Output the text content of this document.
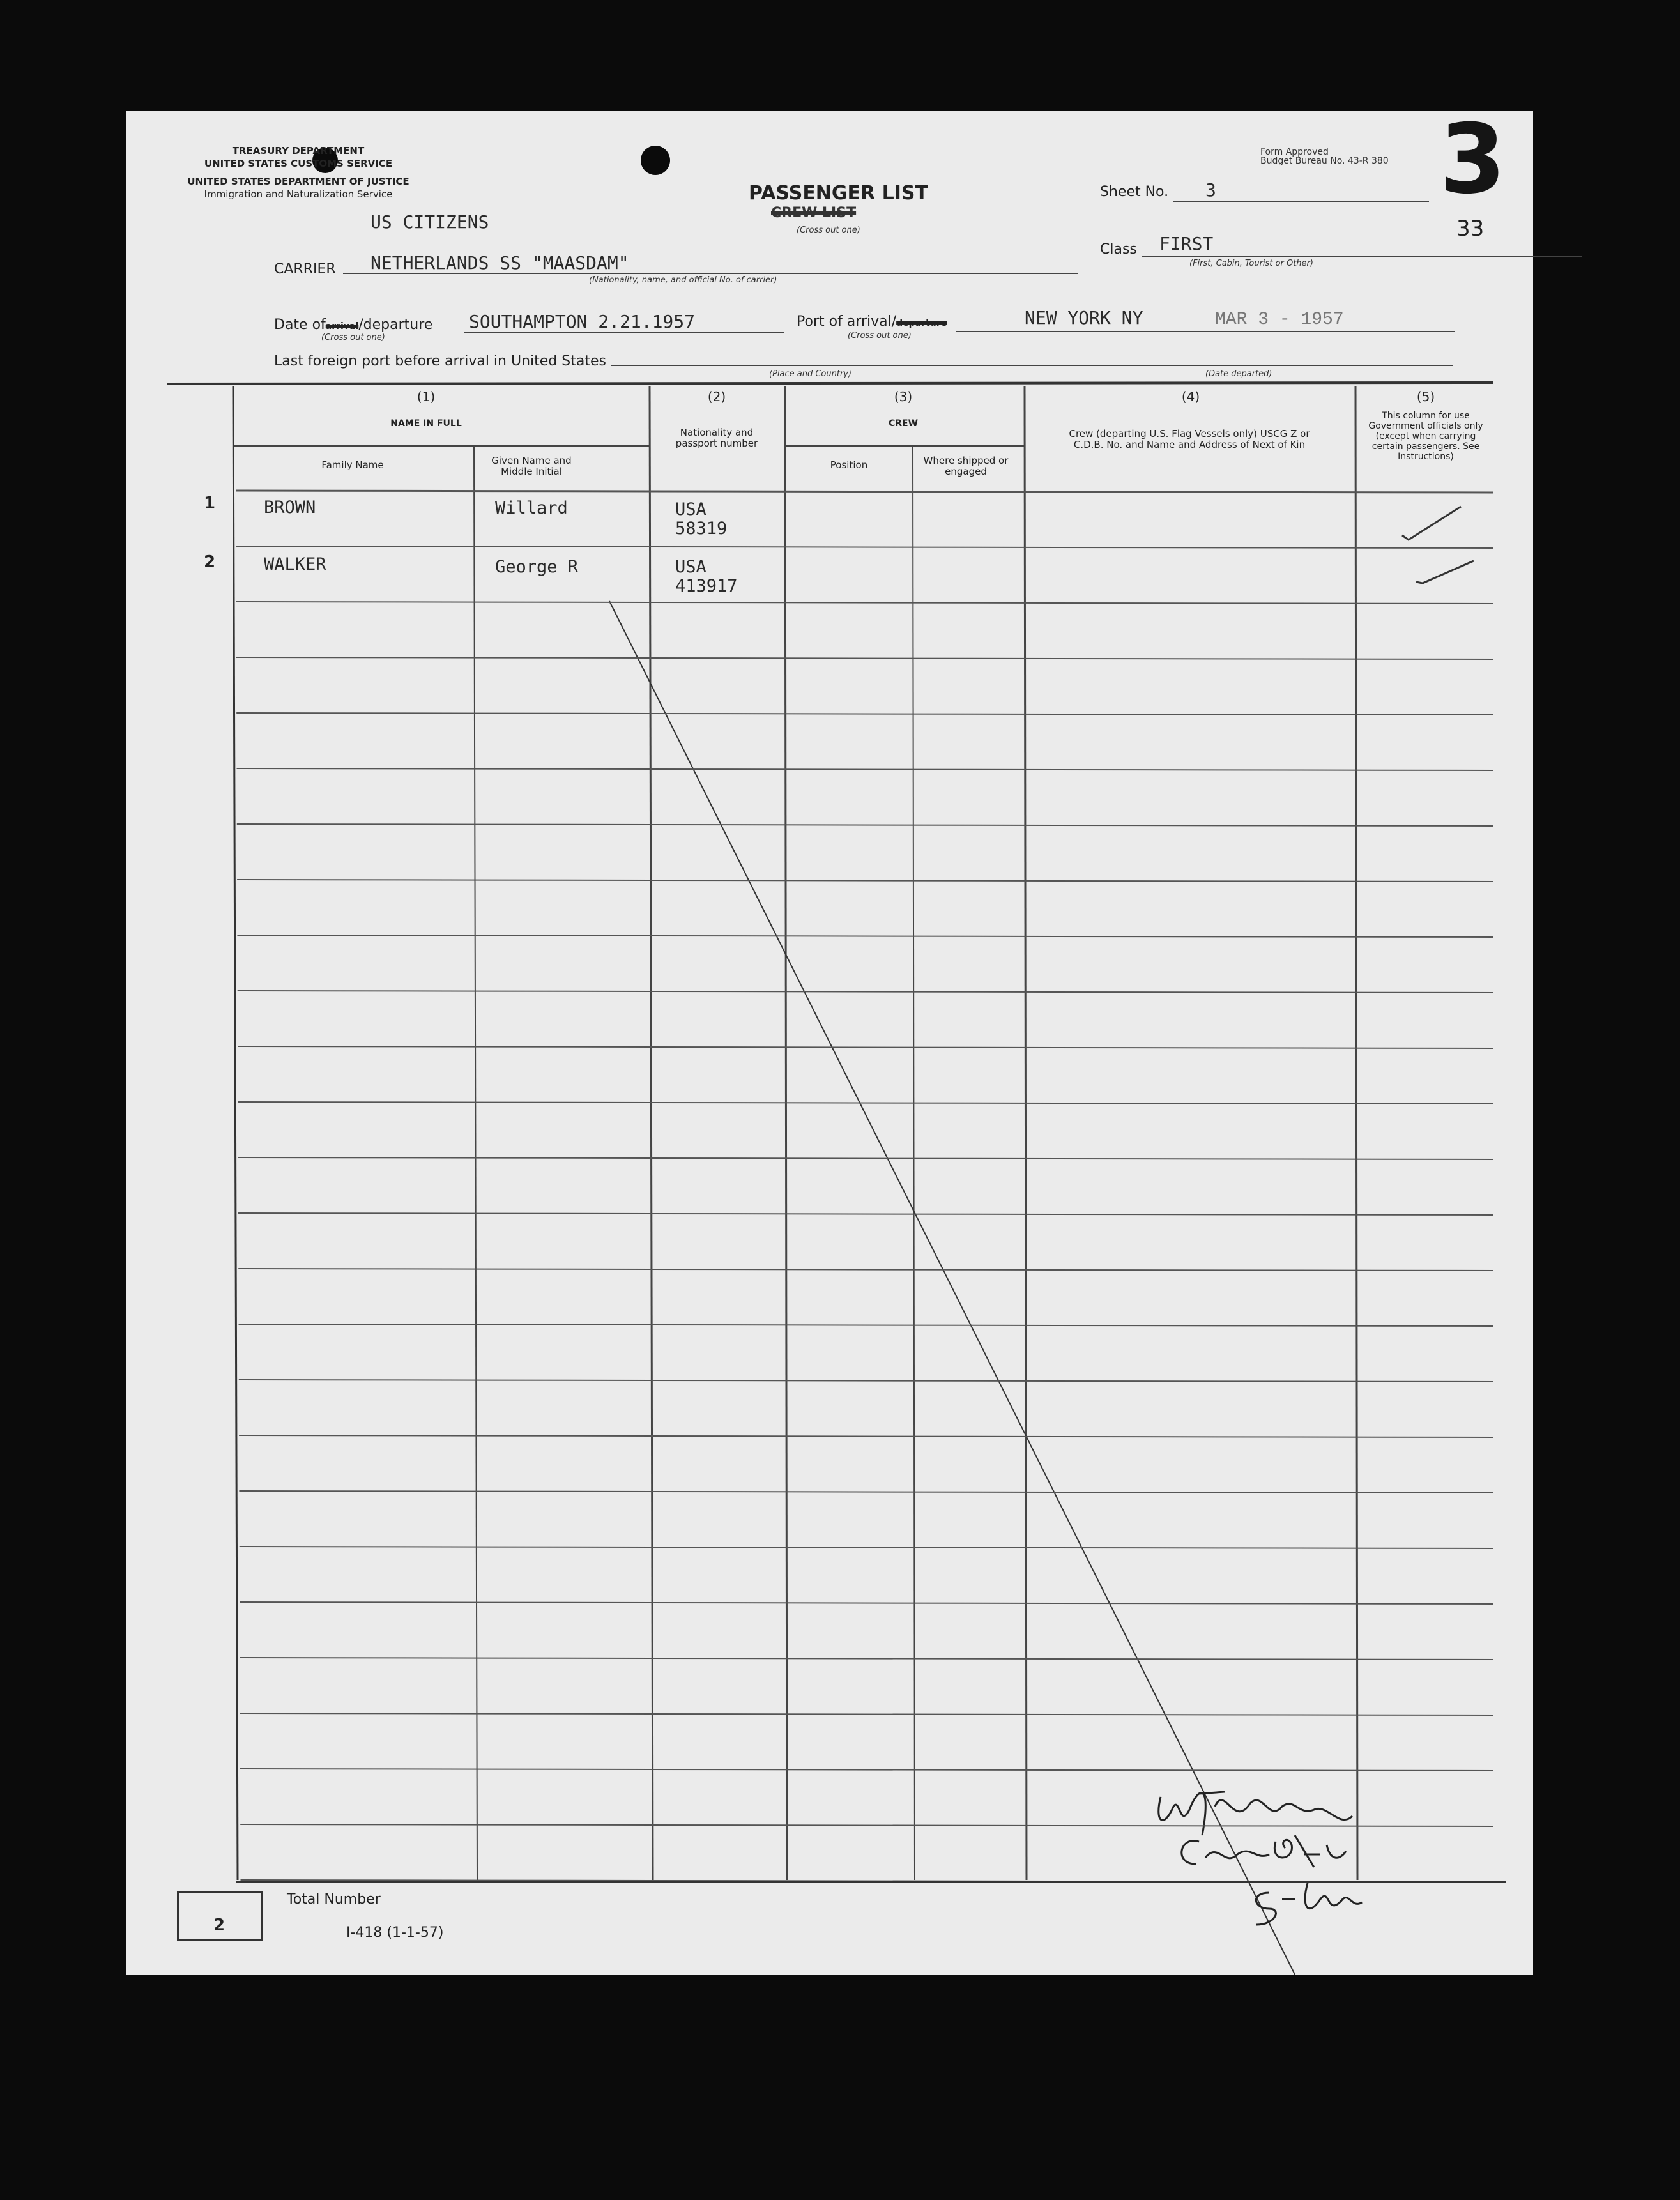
TREASURY DEPARTMENT
UNITED STATES CUSTOMS SERVICE
UNITED STATES DEPARTMENT OF JUSTICE
Immigration and Naturalization Service	PASSENGER LIST
CREW LIST
(Cross out one)
Form Approved
Budget Bureau No. 43-R 380 3
33
Sheet No. 3
Class FIRST
(First, Cabin, Tourist or Other)
US CITIZENS
CARRIER NETHERLANDS SS "MAASDAM"
(Nationality, name, and official No. of carrier)
Date ofarrival/departure
(Cross out one)
SOUTHAMPTON 2.21.1957	Port of arrival/departure
(Cross out one)
NEW YORK NY	MAR 3 - 1957
Last foreign port before arrival in United States
(Place and Country)	(Date departed)
(1)
NAME IN FULL
Family Name	Given Name and Middle Initial
(2)
Nationality and passport number
(3)
CREW
Position	Where shipped or engaged
(4)
Crew (departing U.S. Flag Vessels only) USCG Z or C.D.B. No. and Name and Address of Next of Kin
(5)
This column for use Government officials only (except when carrying certain passengers. See Instructions)
1	BROWN	Willard	USA
58319
2	WALKER	George R	USA
413917
2
Total Number
I-418 (1-1-57)
